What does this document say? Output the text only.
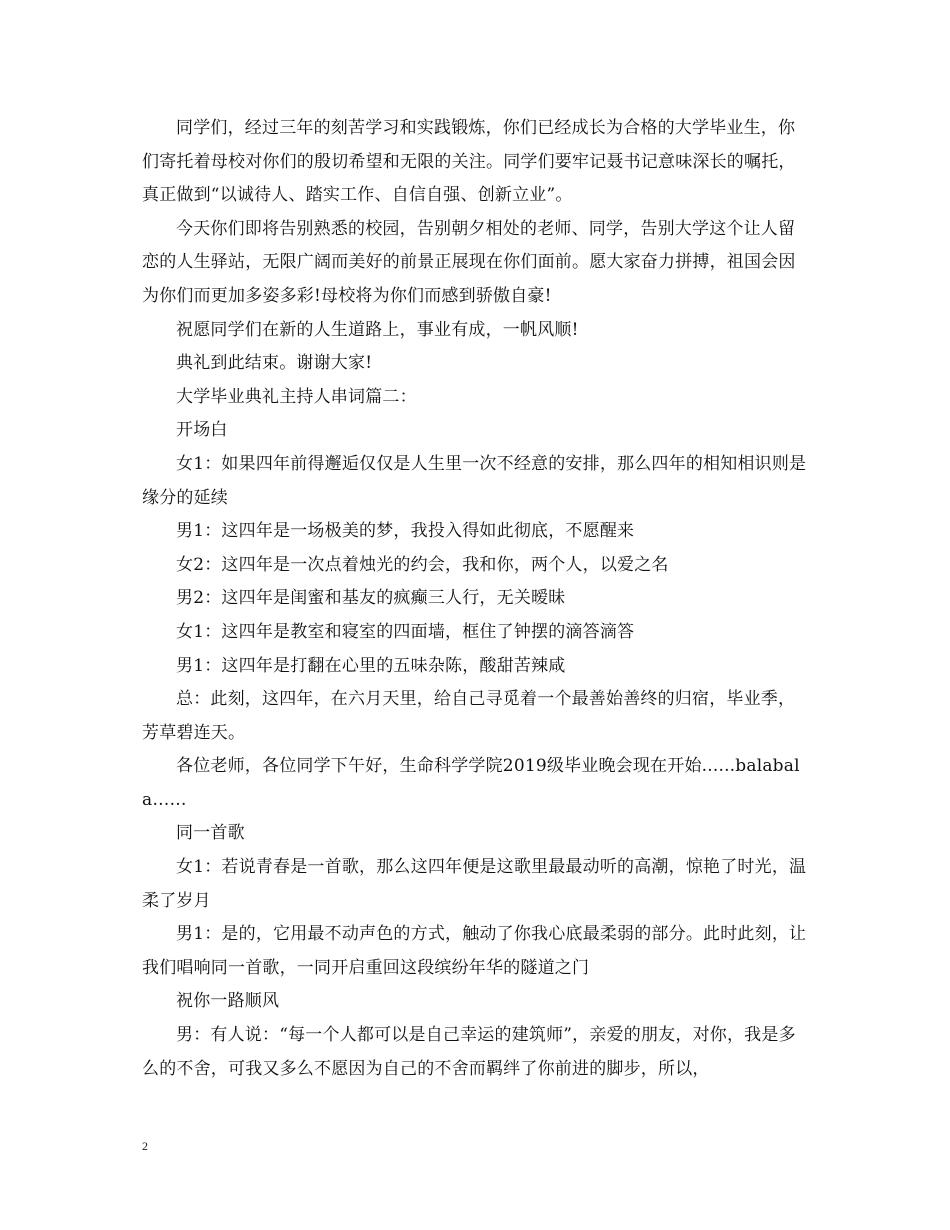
同学们，经过三年的刻苦学习和实践锻炼，你们已经成长为合格的大学毕业生，你们寄托着母校对你们的殷切希望和无限的关注。同学们要牢记聂书记意味深长的嘱托，真正做到“以诚待人、踏实工作、自信自强、创新立业”。

今天你们即将告别熟悉的校园，告别朝夕相处的老师、同学，告别大学这个让人留恋的人生驿站，无限广阔而美好的前景正展现在你们面前。愿大家奋力拼搏，祖国会因为你们而更加多姿多彩!母校将为你们而感到骄傲自豪!

祝愿同学们在新的人生道路上，事业有成，一帆风顺!

典礼到此结束。谢谢大家!

大学毕业典礼主持人串词篇二：

开场白

女1：如果四年前得邂逅仅仅是人生里一次不经意的安排，那么四年的相知相识则是缘分的延续

男1：这四年是一场极美的梦，我投入得如此彻底，不愿醒来

女2：这四年是一次点着烛光的约会，我和你，两个人，以爱之名

男2：这四年是闺蜜和基友的疯癫三人行，无关暧昧

女1：这四年是教室和寝室的四面墙，框住了钟摆的滴答滴答

男1：这四年是打翻在心里的五味杂陈，酸甜苦辣咸

总：此刻，这四年，在六月天里，给自己寻觅着一个最善始善终的归宿，毕业季，芳草碧连天。

各位老师，各位同学下午好，生命科学学院2019级毕业晚会现在开始......balabala……

同一首歌

女1：若说青春是一首歌，那么这四年便是这歌里最最动听的高潮，惊艳了时光，温柔了岁月

男1：是的，它用最不动声色的方式，触动了你我心底最柔弱的部分。此时此刻，让我们唱响同一首歌，一同开启重回这段缤纷年华的隧道之门

祝你一路顺风

男：有人说：“每一个人都可以是自己幸运的建筑师”，亲爱的朋友，对你，我是多么的不舍，可我又多么不愿因为自己的不舍而羁绊了你前进的脚步，所以，

2
